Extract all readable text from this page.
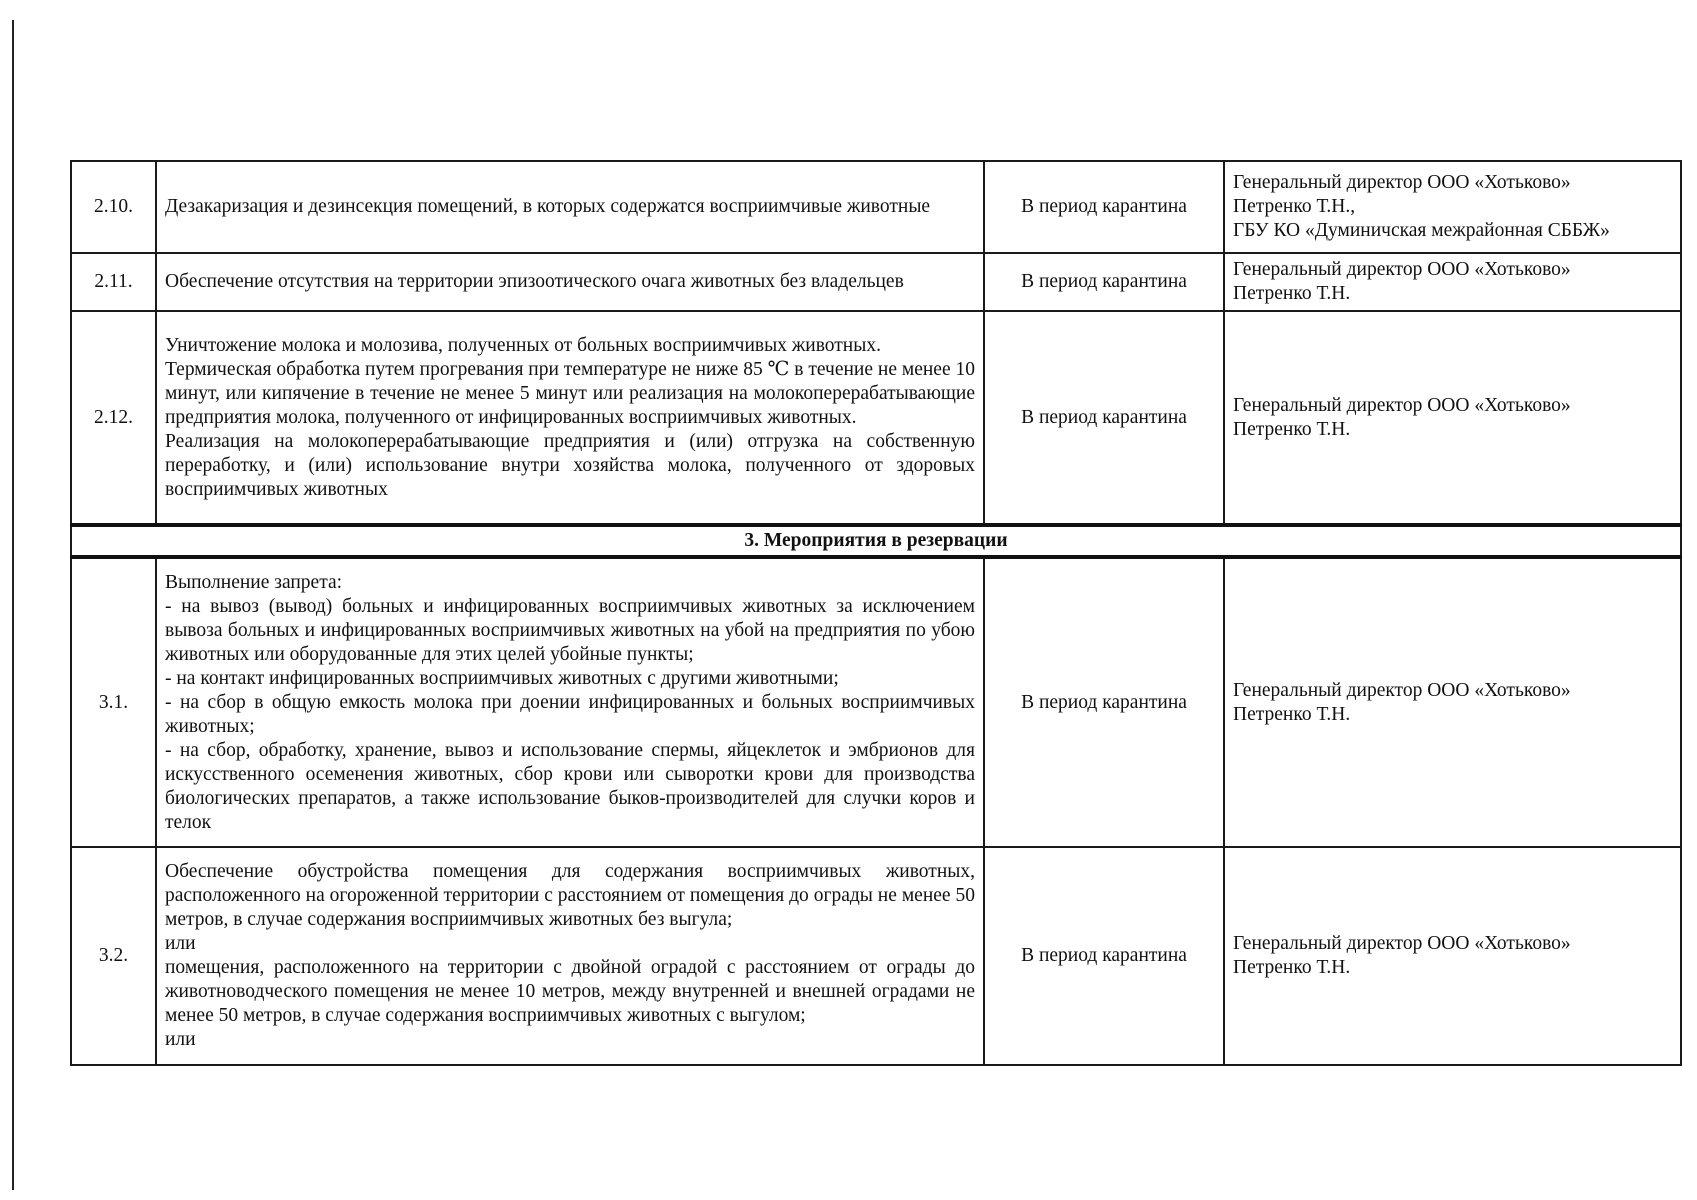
2.10.	Дезакаризация и дезинсекция помещений, в которых содержатся восприимчивые животные	В период карантина	Генеральный директор ООО «Хотьково»
Петренко Т.Н.,
ГБУ КО «Думиничская межрайонная СББЖ»

2.11.	Обеспечение отсутствия на территории эпизоотического очага животных без владельцев	В период карантина	Генеральный директор ООО «Хотьково»
Петренко Т.Н.

2.12.	Уничтожение молока и молозива, полученных от больных восприимчивых животных.
Термическая обработка путем прогревания при температуре не ниже 85 ℃ в течение не менее 10 минут, или кипячение в течение не менее 5 минут или реализация на молокоперерабатывающие предприятия молока, полученного от инфицированных восприимчивых животных.
Реализация на молокоперерабатывающие предприятия и (или) отгрузка на собственную переработку, и (или) использование внутри хозяйства молока, полученного от здоровых восприимчивых животных	В период карантина	Генеральный директор ООО «Хотьково»
Петренко Т.Н.

3. Мероприятия в резервации			
3.1.	Выполнение запрета:
- на вывоз (вывод) больных и инфицированных восприимчивых животных за исключением вывоза больных и инфицированных восприимчивых животных на убой на предприятия по убою животных или оборудованные для этих целей убойные пункты;
- на контакт инфицированных восприимчивых животных с другими животными;
- на сбор в общую емкость молока при доении инфицированных и больных восприимчивых животных;
- на сбор, обработку, хранение, вывоз и использование спермы, яйцеклеток и эмбрионов для искусственного осеменения животных, сбор крови или сыворотки крови для производства биологических препаратов, а также использование быков-производителей для случки коров и телок	В период карантина	Генеральный директор ООО «Хотьково»
Петренко Т.Н.

3.2.	Обеспечение обустройства помещения для содержания восприимчивых животных, расположенного на огороженной территории с расстоянием от помещения до ограды не менее 50 метров, в случае содержания восприимчивых животных без выгула;
или
помещения, расположенного на территории с двойной оградой с расстоянием от ограды до животноводческого помещения не менее 10 метров, между внутренней и внешней оградами не менее 50 метров, в случае содержания восприимчивых животных с выгулом;
или	В период карантина	Генеральный директор ООО «Хотьково»
Петренко Т.Н.
